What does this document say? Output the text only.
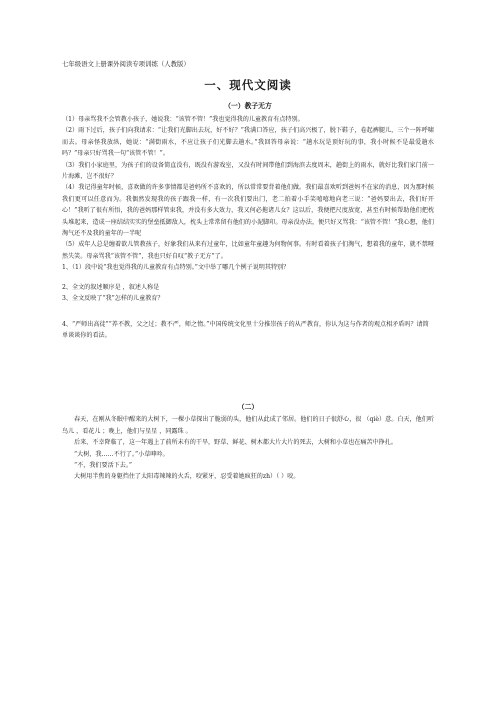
七年级语文上册课外阅读专项训练（人教版）
一、现代文阅读
（一）教子无方

（1）母亲骂我不会管教小孩子，她说我：“该管不管！”我也觉得我的儿童教育有点特别。

（2）雨下过后，孩子们向我请求：“让我们光脚出去玩，好不好？”我满口答应，孩子们高兴极了，脱下鞋子，卷起裤腿儿，三个一阵呼啸而去。母亲怪我放纵，她说：“满街雨水，不应让孩子们光脚去趟水。”我回答母亲说：“趟水玩是顶好玩的事，我小时候不是最爱趟水吗？”母亲只好骂我一句“该管不管！”。

（3）我们小家庭里，为孩子们的设备简直没有，既没有游戏室，又没有时间带他们到海滨去度周末，趟街上的雨水，就好比我们家门前一片海滩，岂不很好？

（4）我记得童年时候，喜欢做的许多事情都是爸妈所不喜欢的，所以常常要背着他们做。我们最喜欢听到爸妈不在家的消息，因为那时候我们更可以任意而为。我偶然发现我的孩子跟我一样，有一次我们要出门，老二拍着小手笑嘻嘻地向老三说：“爸妈要出去，我们好开心！”我听了很有所悟，我的爸妈那样管束我，并没有多大效力，我又何必拖诸儿女？这以后，我便把尺度放宽，甚至有时候帮助他们把枕头堆起来，造成一座结结实实的堡垒抵御敌人，枕头上常常留有他们的小泥脚印。母亲没办法，便只好又骂我：“该管不管！”我心想，他们淘气还不及我的童年的一半呢

（5）成年人总是缠着欲儿管教孩子，好象我们从来有过童年，比如童年童趣为何物何事。有时看着孩子们淘气，想着我的童年，就不禁哑然失笑。母亲骂我“该管不管”，我也只好自叹“教子无方”了。

1、（1）段中说“我也觉得我的儿童教育有点特别。”文中举了哪几个例子说明其特别？

2、全文的叙述顺序是 ，叙述人称是

3、全文反映了“我”怎样的儿童教育？

4、“严师出高徒”“养不教，父之过；教不严，师之惰。”中国传统文化里十分推崇孩子的从严教育，你认为这与作者的观点相矛盾吗？请简单谈谈你的看法。

（二）

春天，在刚从冬眠中醒来的大树下，一棵小草探出了脆弱的头，他们从此成了邻居。他们的日子很舒心，很 （qiè）意。白天，他们听鸟儿 ，看花儿 ；晚上，他们与星星 ，同露珠 。

后来，不幸降临了，这一年遇上了前所未有的干旱，野草、鲜花、树木都大片大片的死去，大树和小草也在痛苦中挣扎。

“大树，我……不行了。”小草呻吟。

“不，我们要活下去。”

大树用半焦的身躯挡住了太阳毒辣辣的火舌，咬紧牙，忍受着她疯狂的zh）（ ）咬。
